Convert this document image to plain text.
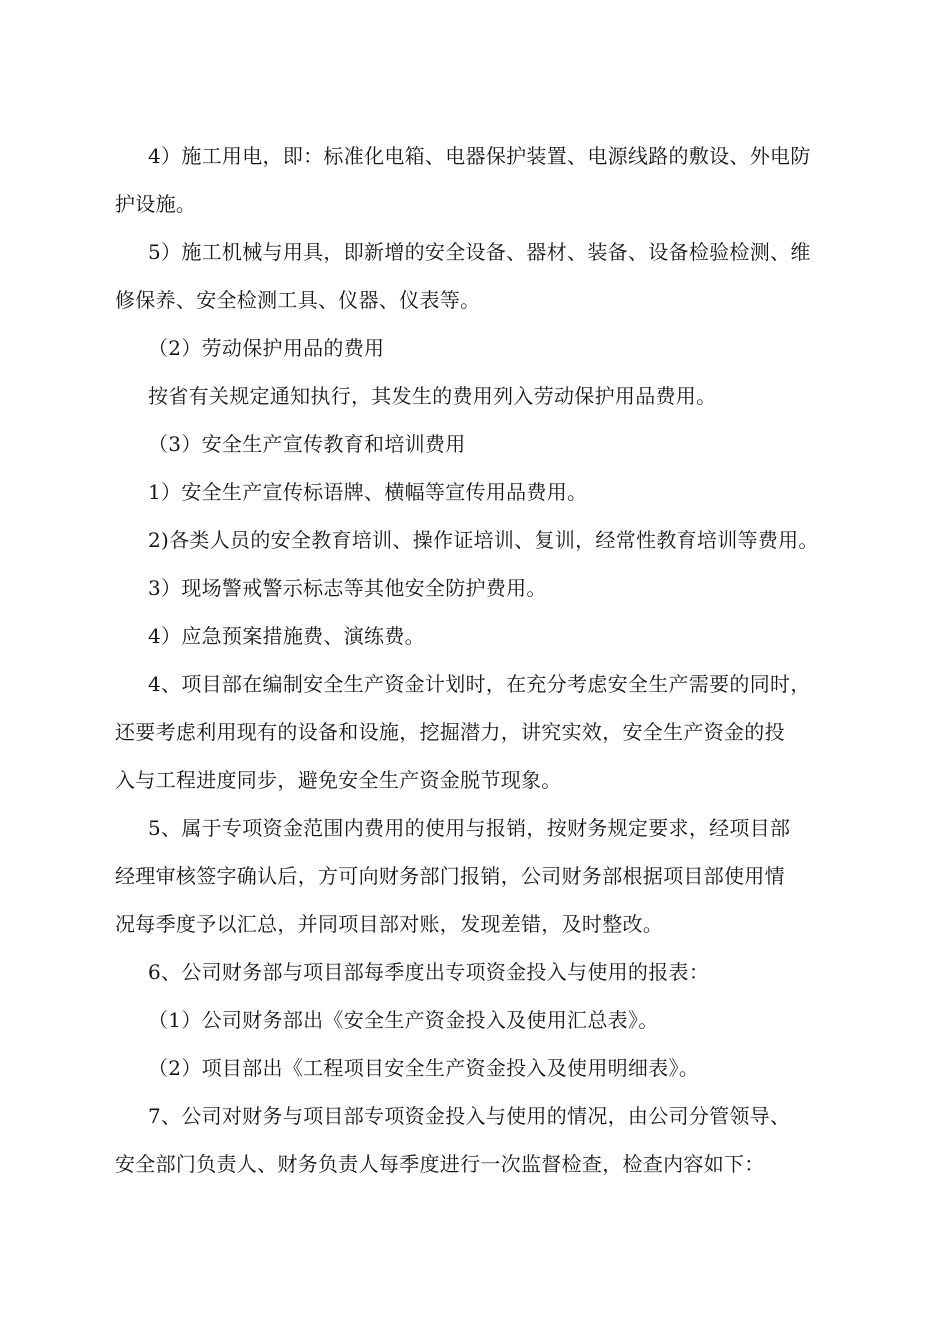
4）施工用电，即：标准化电箱、电器保护装置、电源线路的敷设、外电防
护设施。
5）施工机械与用具，即新增的安全设备、器材、装备、设备检验检测、维
修保养、安全检测工具、仪器、仪表等。
（2）劳动保护用品的费用
按省有关规定通知执行，其发生的费用列入劳动保护用品费用。
（3）安全生产宣传教育和培训费用
1）安全生产宣传标语牌、横幅等宣传用品费用。
2)各类人员的安全教育培训、操作证培训、复训，经常性教育培训等费用。
3）现场警戒警示标志等其他安全防护费用。
4）应急预案措施费、演练费。
4、项目部在编制安全生产资金计划时，在充分考虑安全生产需要的同时，
还要考虑利用现有的设备和设施，挖掘潜力，讲究实效，安全生产资金的投
入与工程进度同步，避免安全生产资金脱节现象。
5、属于专项资金范围内费用的使用与报销，按财务规定要求，经项目部
经理审核签字确认后，方可向财务部门报销，公司财务部根据项目部使用情
况每季度予以汇总，并同项目部对账，发现差错，及时整改。
6、公司财务部与项目部每季度出专项资金投入与使用的报表：
（1）公司财务部出《安全生产资金投入及使用汇总表》。
（2）项目部出《工程项目安全生产资金投入及使用明细表》。
7、公司对财务与项目部专项资金投入与使用的情况，由公司分管领导、
安全部门负责人、财务负责人每季度进行一次监督检查，检查内容如下：
